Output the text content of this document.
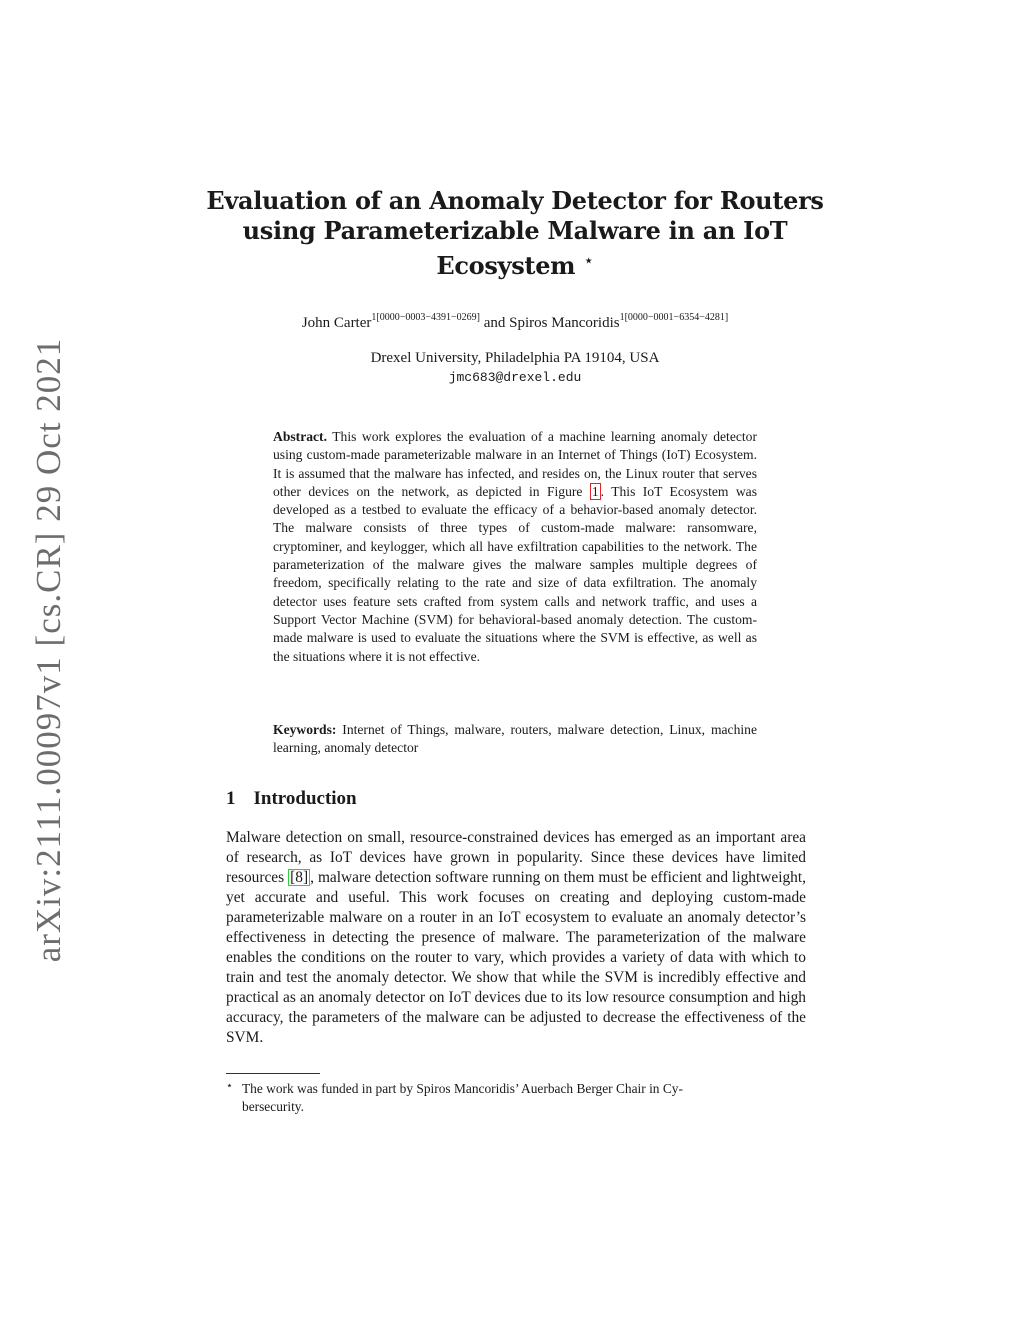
arXiv:2111.00097v1 [cs.CR] 29 Oct 2021
Evaluation of an Anomaly Detector for Routers
using Parameterizable Malware in an IoT
Ecosystem ⋆
John Carter$^{1[0000-0003-4391-0269]}$ and Spiros Mancoridis$^{1[0000-0001-6354-4281]}$
Drexel University, Philadelphia PA 19104, USA
jmc683@drexel.edu
Abstract. This work explores the evaluation of a machine learning anomaly detector using custom-made parameterizable malware in an Internet of Things (IoT) Ecosystem. It is assumed that the malware has infected, and resides on, the Linux router that serves other devices on the network, as depicted in Figure 1 . This IoT Ecosystem was developed as a testbed to evaluate the efficacy of a behavior-based anomaly detector. The malware consists of three types of custom-made malware: ransomware, cryptominer, and keylogger, which all have exfiltration capabilities to the network. The parameterization of the malware gives the malware samples multiple degrees of freedom, specifically relating to the rate and size of data exfiltration. The anomaly detector uses feature sets crafted from system calls and network traffic, and uses a Support Vector Machine (SVM) for behavioral-based anomaly detection. The custom-made malware is used to evaluate the situations where the SVM is effective, as well as the situations where it is not effective.
Keywords: Internet of Things, malware, routers, malware detection, Linux, machine learning, anomaly detector
1 Introduction
Malware detection on small, resource-constrained devices has emerged as an important area of research, as IoT devices have grown in popularity. Since these devices have limited resources [8] , malware detection software running on them must be efficient and lightweight, yet accurate and useful. This work focuses on creating and deploying custom-made parameterizable malware on a router in an IoT ecosystem to evaluate an anomaly detector’s effectiveness in detecting the presence of malware. The parameterization of the malware enables the conditions on the router to vary, which provides a variety of data with which to train and test the anomaly detector. We show that while the SVM is incredibly effective and practical as an anomaly detector on IoT devices due to its low resource consumption and high accuracy, the parameters of the malware can be adjusted to decrease the effectiveness of the SVM.
⋆ The work was funded in part by Spiros Mancoridis’ Auerbach Berger Chair in Cy-
bersecurity.
